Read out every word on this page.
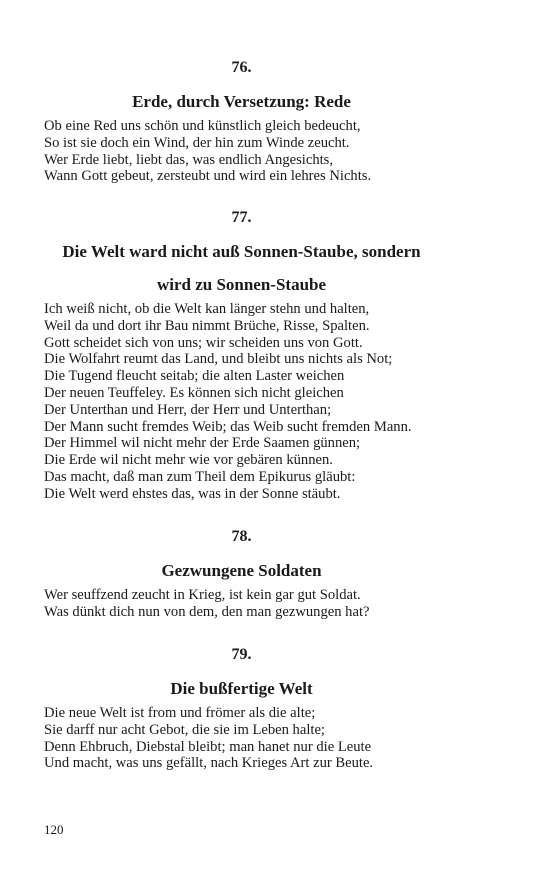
76.
Erde, durch Versetzung: Rede
Ob eine Red uns schön und künstlich gleich bedeucht,
So ist sie doch ein Wind, der hin zum Winde zeucht.
Wer Erde liebt, liebt das, was endlich Angesichts,
Wann Gott gebeut, zersteubt und wird ein lehres Nichts.
77.
Die Welt ward nicht auß Sonnen-Staube, sondern
wird zu Sonnen-Staube
Ich weiß nicht, ob die Welt kan länger stehn und halten,
Weil da und dort ihr Bau nimmt Brüche, Risse, Spalten.
Gott scheidet sich von uns; wir scheiden uns von Gott.
Die Wolfahrt reumt das Land, und bleibt uns nichts als Not;
Die Tugend fleucht seitab; die alten Laster weichen
Der neuen Teuffeley. Es können sich nicht gleichen
Der Unterthan und Herr, der Herr und Unterthan;
Der Mann sucht fremdes Weib; das Weib sucht fremden Mann.
Der Himmel wil nicht mehr der Erde Saamen günnen;
Die Erde wil nicht mehr wie vor gebären künnen.
Das macht, daß man zum Theil dem Epikurus gläubt:
Die Welt werd ehstes das, was in der Sonne stäubt.
78.
Gezwungene Soldaten
Wer seuffzend zeucht in Krieg, ist kein gar gut Soldat.
Was dünkt dich nun von dem, den man gezwungen hat?
79.
Die bußfertige Welt
Die neue Welt ist from und frömer als die alte;
Sie darff nur acht Gebot, die sie im Leben halte;
Denn Ehbruch, Diebstal bleibt; man hanet nur die Leute
Und macht, was uns gefällt, nach Krieges Art zur Beute.
120
